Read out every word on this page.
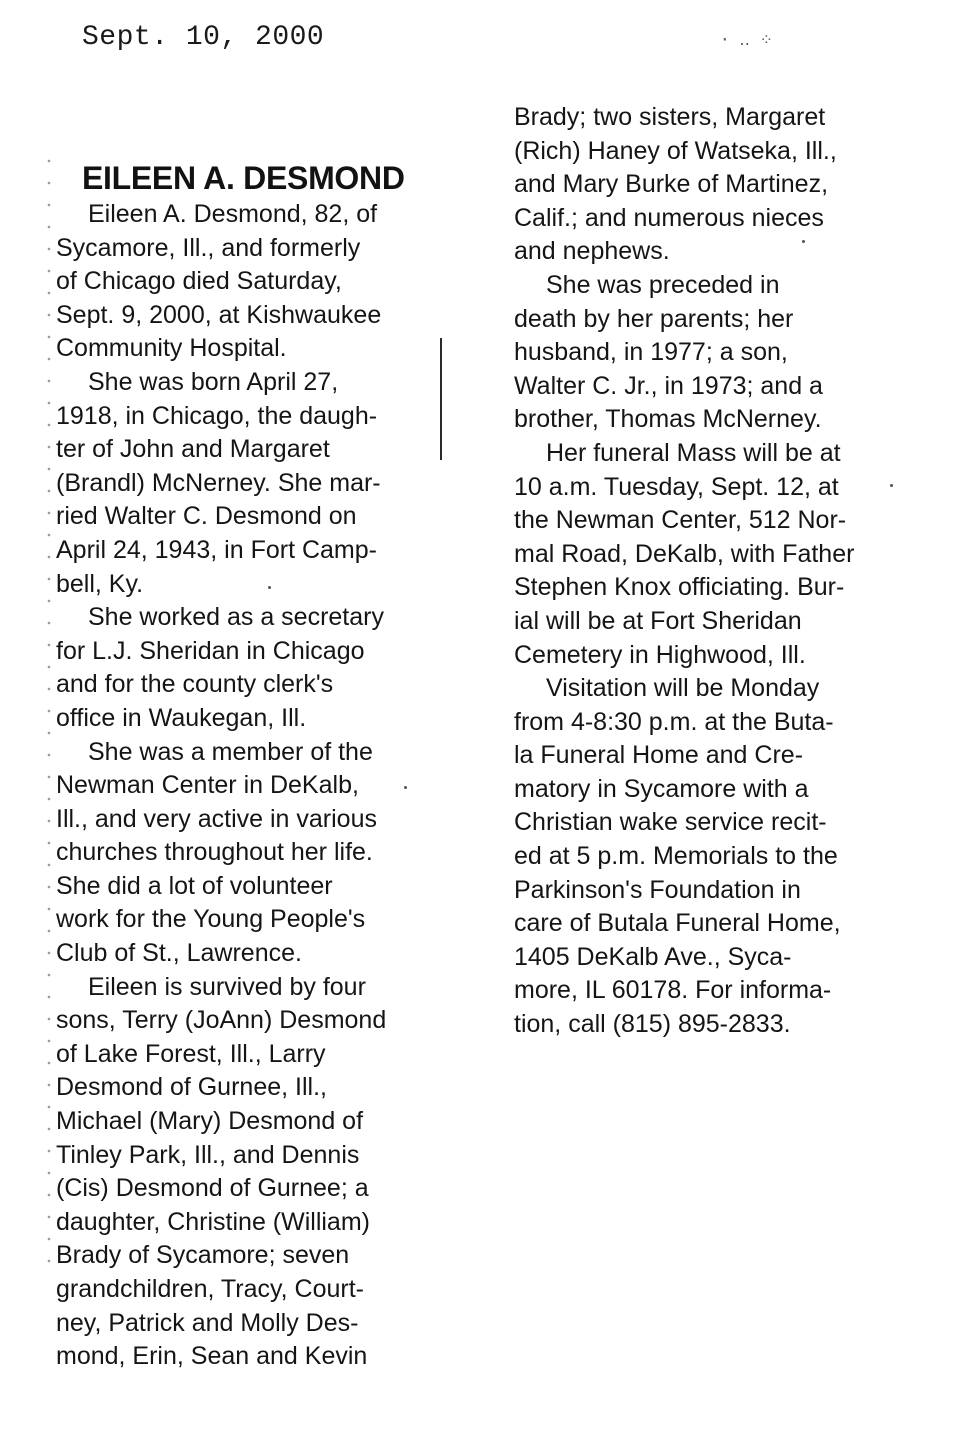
Sept. 10, 2000	· ‥ ⁘
EILEEN A. DESMOND
Eileen A. Desmond, 82, of
Sycamore, Ill., and formerly
of Chicago died Saturday,
Sept. 9, 2000, at Kishwaukee
Community Hospital.
She was born April 27,
1918, in Chicago, the daugh-
ter of John and Margaret
(Brandl) McNerney. She mar-
ried Walter C. Desmond on
April 24, 1943, in Fort Camp-
bell, Ky.
She worked as a secretary
for L.J. Sheridan in Chicago
and for the county clerk's
office in Waukegan, Ill.
She was a member of the
Newman Center in DeKalb,
Ill., and very active in various
churches throughout her life.
She did a lot of volunteer
work for the Young People's
Club of St., Lawrence.
Eileen is survived by four
sons, Terry (JoAnn) Desmond
of Lake Forest, Ill., Larry
Desmond of Gurnee, Ill.,
Michael (Mary) Desmond of
Tinley Park, Ill., and Dennis
(Cis) Desmond of Gurnee; a
daughter, Christine (William)
Brady of Sycamore; seven
grandchildren, Tracy, Court-
ney, Patrick and Molly Des-
mond, Erin, Sean and Kevin
Brady; two sisters, Margaret
(Rich) Haney of Watseka, Ill.,
and Mary Burke of Martinez,
Calif.; and numerous nieces
and nephews.
She was preceded in
death by her parents; her
husband, in 1977; a son,
Walter C. Jr., in 1973; and a
brother, Thomas McNerney.
Her funeral Mass will be at
10 a.m. Tuesday, Sept. 12, at
the Newman Center, 512 Nor-
mal Road, DeKalb, with Father
Stephen Knox officiating. Bur-
ial will be at Fort Sheridan
Cemetery in Highwood, Ill.
Visitation will be Monday
from 4-8:30 p.m. at the Buta-
la Funeral Home and Cre-
matory in Sycamore with a
Christian wake service recit-
ed at 5 p.m. Memorials to the
Parkinson's Foundation in
care of Butala Funeral Home,
1405 DeKalb Ave., Syca-
more, IL 60178. For informa-
tion, call (815) 895-2833.
